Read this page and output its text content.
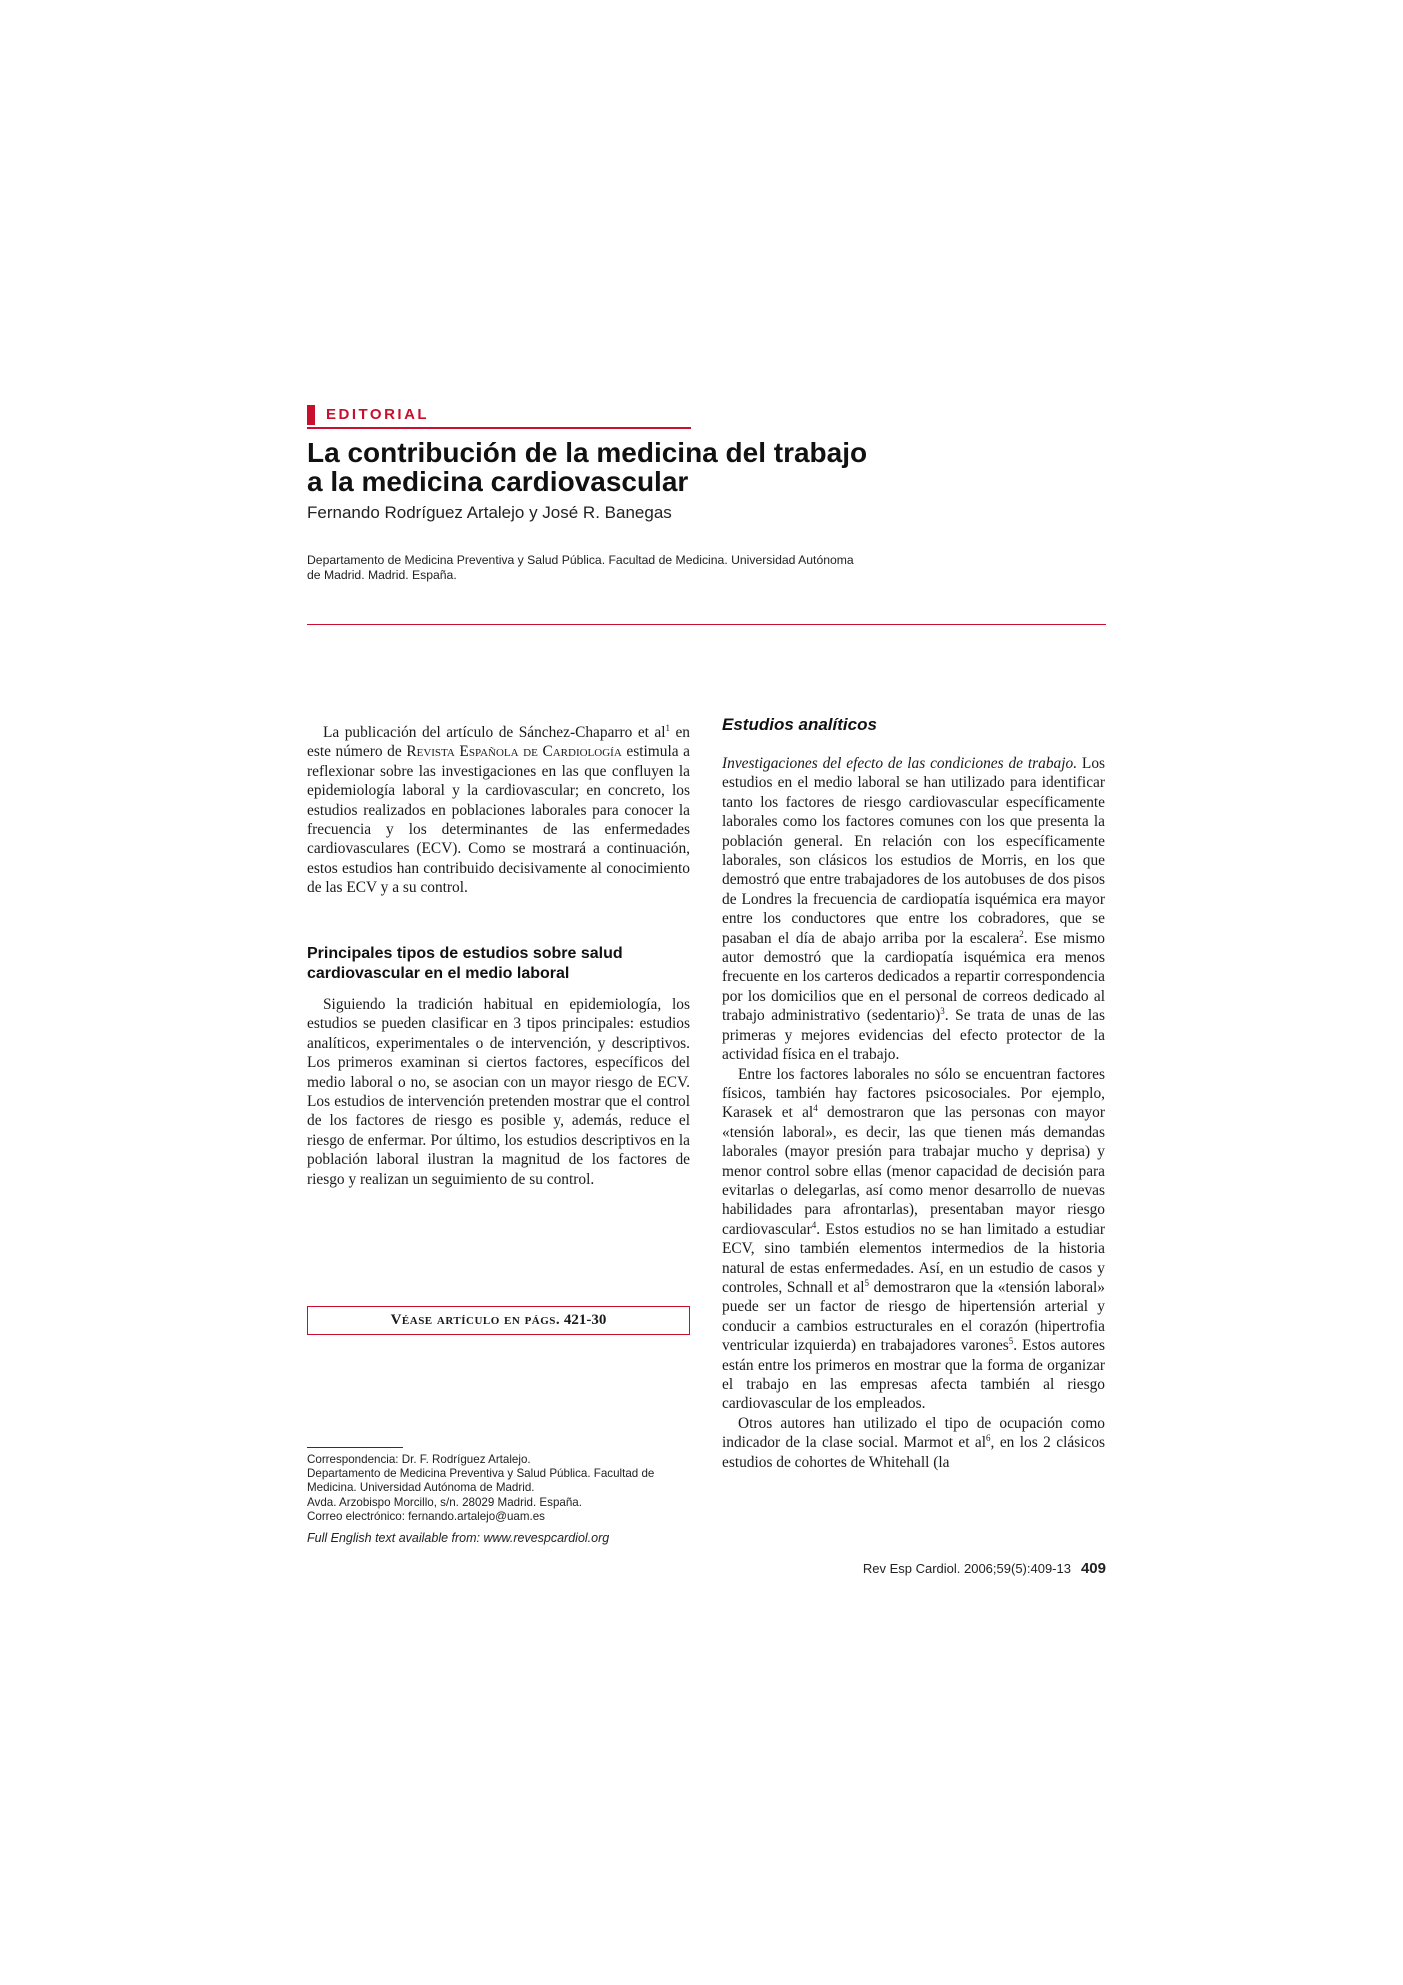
EDITORIAL
La contribución de la medicina del trabajo
a la medicina cardiovascular
Fernando Rodríguez Artalejo y José R. Banegas
Departamento de Medicina Preventiva y Salud Pública. Facultad de Medicina. Universidad Autónoma
de Madrid. Madrid. España.

La publicación del artículo de Sánchez-Chaparro et $al^1$ en este número de Revista Española de Cardiología estimula a reflexionar sobre las investigaciones en las que confluyen la epidemiología laboral y la cardiovascular; en concreto, los estudios realizados en poblaciones laborales para conocer la frecuencia y los determinantes de las enfermedades cardiovasculares (ECV). Como se mostrará a continuación, estos estudios han contribuido decisivamente al conocimiento de las ECV y a su control.

Principales tipos de estudios sobre salud
cardiovascular en el medio laboral

Siguiendo la tradición habitual en epidemiología, los estudios se pueden clasificar en 3 tipos principales: estudios analíticos, experimentales o de intervención, y descriptivos. Los primeros examinan si ciertos factores, específicos del medio laboral o no, se asocian con un mayor riesgo de ECV. Los estudios de intervención pretenden mostrar que el control de los factores de riesgo es posible y, además, reduce el riesgo de enfermar. Por último, los estudios descriptivos en la población laboral ilustran la magnitud de los factores de riesgo y realizan un seguimiento de su control.

Véase artículo en págs. 421-30
Correspondencia: Dr. F. Rodríguez Artalejo.
Departamento de Medicina Preventiva y Salud Pública. Facultad de
Medicina. Universidad Autónoma de Madrid.
Avda. Arzobispo Morcillo, s/n. 28029 Madrid. España.
Correo electrónico: fernando.artalejo@uam.es
Full English text available from: www.revespcardiol.org
Estudios analíticos

Investigaciones del efecto de las condiciones de trabajo. Los estudios en el medio laboral se han utilizado para identificar tanto los factores de riesgo cardiovascular específicamente laborales como los factores comunes con los que presenta la población general. En relación con los específicamente laborales, son clásicos los estudios de Morris, en los que demostró que entre trabajadores de los autobuses de dos pisos de Londres la frecuencia de cardiopatía isquémica era mayor entre los conductores que entre los cobradores, que se pasaban el día de abajo arriba por la escalera$^2$. Ese mismo autor demostró que la cardiopatía isquémica era menos frecuente en los carteros dedicados a repartir correspondencia por los domicilios que en el personal de correos dedicado al trabajo administrativo (sedentario)$^3$. Se trata de unas de las primeras y mejores evidencias del efecto protector de la actividad física en el trabajo.

Entre los factores laborales no sólo se encuentran factores físicos, también hay factores psicosociales. Por ejemplo, Karasek et $al^4$ demostraron que las personas con mayor «tensión laboral», es decir, las que tienen más demandas laborales (mayor presión para trabajar mucho y deprisa) y menor control sobre ellas (menor capacidad de decisión para evitarlas o delegarlas, así como menor desarrollo de nuevas habilidades para afrontarlas), presentaban mayor riesgo cardiovascular$^4$. Estos estudios no se han limitado a estudiar ECV, sino también elementos intermedios de la historia natural de estas enfermedades. Así, en un estudio de casos y controles, Schnall et $al^5$ demostraron que la «tensión laboral» puede ser un factor de riesgo de hipertensión arterial y conducir a cambios estructurales en el corazón (hipertrofia ventricular izquierda) en trabajadores varones$^5$. Estos autores están entre los primeros en mostrar que la forma de organizar el trabajo en las empresas afecta también al riesgo cardiovascular de los empleados.

Otros autores han utilizado el tipo de ocupación como indicador de la clase social. Marmot et $al^6$, en los 2 clásicos estudios de cohortes de Whitehall (la

Rev Esp Cardiol. 2006;59(5):409-13 409
